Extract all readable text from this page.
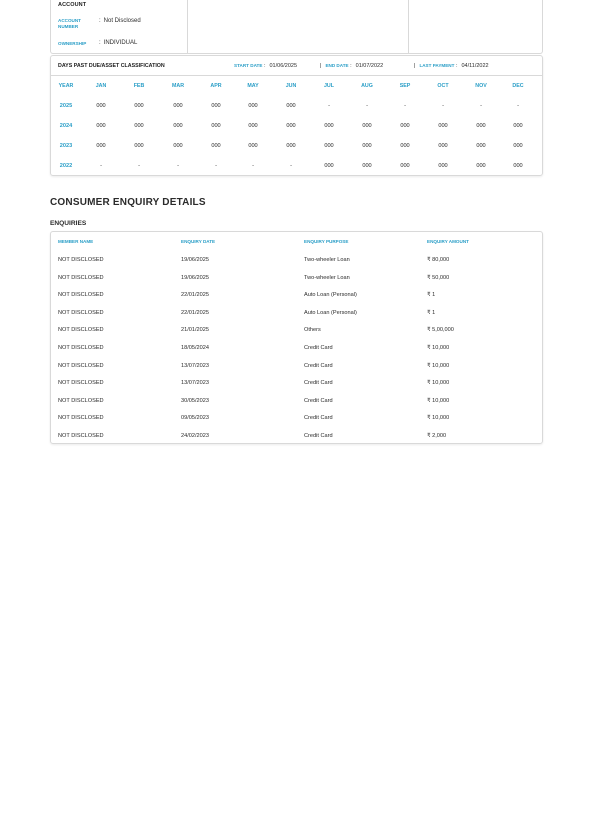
ACCOUNT
ACCOUNT NUMBER
: Not Disclosed
OWNERSHIP	: INDIVIDUAL
DAYS PAST DUE/ASSET CLASSIFICATION	START DATE : 01/06/2025	| END DATE : 01/07/2022	| LAST PAYMENT : 04/11/2022
YEAR	JAN	FEB	MAR	APR	MAY	JUN	JUL	AUG	SEP	OCT	NOV	DEC
2025	000	000	000	000	000	000	-	-	-	-	-	-
2024	000	000	000	000	000	000	000	000	000	000	000	000
2023	000	000	000	000	000	000	000	000	000	000	000	000
2022	-	-	-	-	-	-	000	000	000	000	000	000
CONSUMER ENQUIRY DETAILS
ENQUIRIES
MEMBER NAME	ENQUIRY DATE	ENQUIRY PURPOSE	ENQUIRY AMOUNT
NOT DISCLOSED	19/06/2025	Two-wheeler Loan	₹ 80,000
NOT DISCLOSED	19/06/2025	Two-wheeler Loan	₹ 50,000
NOT DISCLOSED	22/01/2025	Auto Loan (Personal)	₹ 1
NOT DISCLOSED	22/01/2025	Auto Loan (Personal)	₹ 1
NOT DISCLOSED	21/01/2025	Others	₹ 5,00,000
NOT DISCLOSED	18/05/2024	Credit Card	₹ 10,000
NOT DISCLOSED	13/07/2023	Credit Card	₹ 10,000
NOT DISCLOSED	13/07/2023	Credit Card	₹ 10,000
NOT DISCLOSED	30/05/2023	Credit Card	₹ 10,000
NOT DISCLOSED	09/05/2023	Credit Card	₹ 10,000
NOT DISCLOSED	24/02/2023	Credit Card	₹ 2,000
